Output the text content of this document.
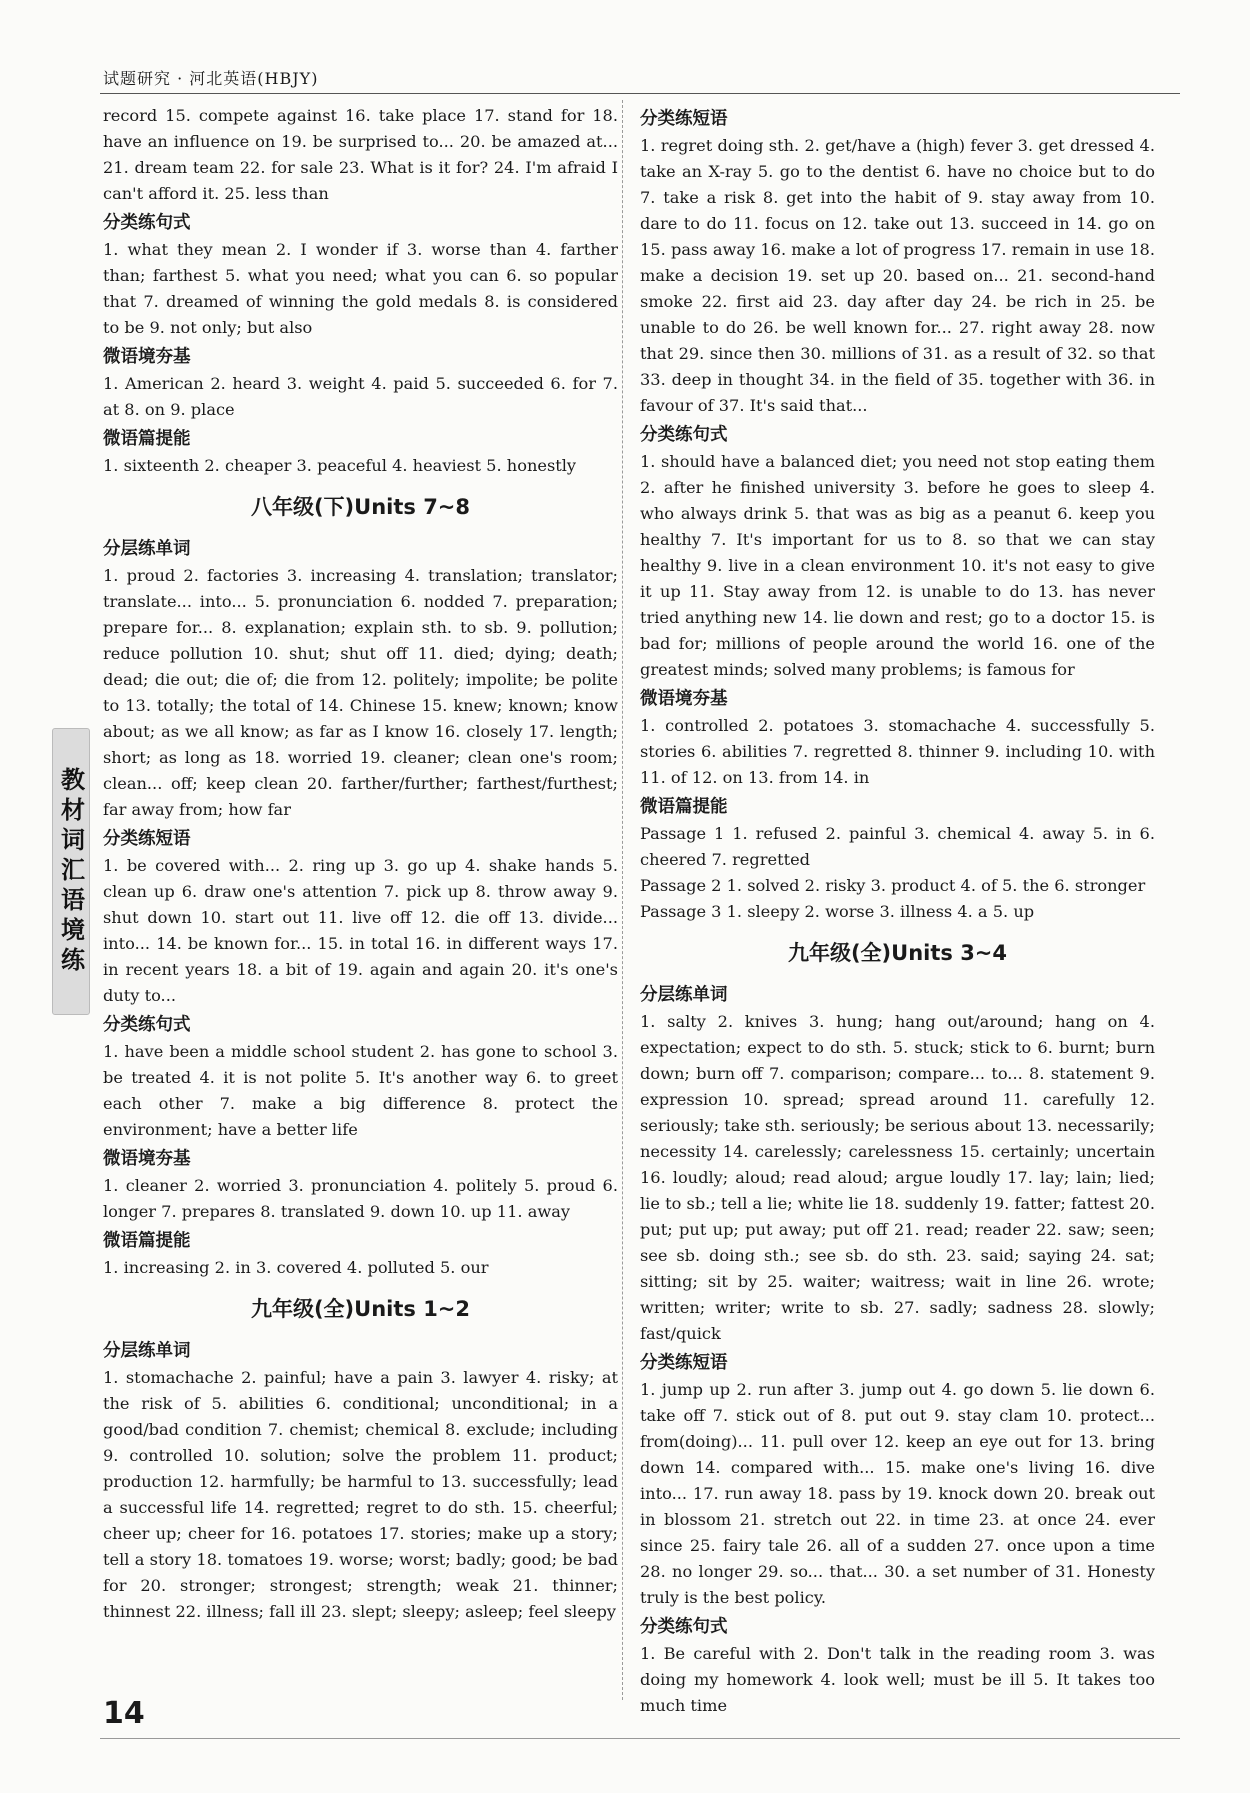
试题研究 · 河北英语(HBJY)
record 15. compete against 16. take place 17. stand for 18. have an influence on 19. be surprised to... 20. be amazed at... 21. dream team 22. for sale 23. What is it for? 24. I'm afraid I can't afford it. 25. less than
分类练句式
1. what they mean 2. I wonder if 3. worse than 4. farther than; farthest 5. what you need; what you can 6. so popular that 7. dreamed of winning the gold medals 8. is considered to be 9. not only; but also
微语境夯基
1. American 2. heard 3. weight 4. paid 5. succeeded 6. for 7. at 8. on 9. place
微语篇提能
1. sixteenth 2. cheaper 3. peaceful 4. heaviest 5. honestly
八年级(下)Units 7~8
分层练单词
1. proud 2. factories 3. increasing 4. translation; translator; translate... into... 5. pronunciation 6. nodded 7. preparation; prepare for... 8. explanation; explain sth. to sb. 9. pollution; reduce pollution 10. shut; shut off 11. died; dying; death; dead; die out; die of; die from 12. politely; impolite; be polite to 13. totally; the total of 14. Chinese 15. knew; known; know about; as we all know; as far as I know 16. closely 17. length; short; as long as 18. worried 19. cleaner; clean one's room; clean... off; keep clean 20. farther/further; farthest/furthest; far away from; how far
分类练短语
1. be covered with... 2. ring up 3. go up 4. shake hands 5. clean up 6. draw one's attention 7. pick up 8. throw away 9. shut down 10. start out 11. live off 12. die off 13. divide... into... 14. be known for... 15. in total 16. in different ways 17. in recent years 18. a bit of 19. again and again 20. it's one's duty to...
分类练句式
1. have been a middle school student 2. has gone to school 3. be treated 4. it is not polite 5. It's another way 6. to greet each other 7. make a big difference 8. protect the environment; have a better life
微语境夯基
1. cleaner 2. worried 3. pronunciation 4. politely 5. proud 6. longer 7. prepares 8. translated 9. down 10. up 11. away
微语篇提能
1. increasing 2. in 3. covered 4. polluted 5. our
九年级(全)Units 1~2
分层练单词
1. stomachache 2. painful; have a pain 3. lawyer 4. risky; at the risk of 5. abilities 6. conditional; unconditional; in a good/bad condition 7. chemist; chemical 8. exclude; including 9. controlled 10. solution; solve the problem 11. product; production 12. harmfully; be harmful to 13. successfully; lead a successful life 14. regretted; regret to do sth. 15. cheerful; cheer up; cheer for 16. potatoes 17. stories; make up a story; tell a story 18. tomatoes 19. worse; worst; badly; good; be bad for 20. stronger; strongest; strength; weak 21. thinner; thinnest 22. illness; fall ill 23. slept; sleepy; asleep; feel sleepy
分类练短语
1. regret doing sth. 2. get/have a (high) fever 3. get dressed 4. take an X-ray 5. go to the dentist 6. have no choice but to do 7. take a risk 8. get into the habit of 9. stay away from 10. dare to do 11. focus on 12. take out 13. succeed in 14. go on 15. pass away 16. make a lot of progress 17. remain in use 18. make a decision 19. set up 20. based on... 21. second-hand smoke 22. first aid 23. day after day 24. be rich in 25. be unable to do 26. be well known for... 27. right away 28. now that 29. since then 30. millions of 31. as a result of 32. so that 33. deep in thought 34. in the field of 35. together with 36. in favour of 37. It's said that...
分类练句式
1. should have a balanced diet; you need not stop eating them 2. after he finished university 3. before he goes to sleep 4. who always drink 5. that was as big as a peanut 6. keep you healthy 7. It's important for us to 8. so that we can stay healthy 9. live in a clean environment 10. it's not easy to give it up 11. Stay away from 12. is unable to do 13. has never tried anything new 14. lie down and rest; go to a doctor 15. is bad for; millions of people around the world 16. one of the greatest minds; solved many problems; is famous for
微语境夯基
1. controlled 2. potatoes 3. stomachache 4. successfully 5. stories 6. abilities 7. regretted 8. thinner 9. including 10. with 11. of 12. on 13. from 14. in
微语篇提能
Passage 1 1. refused 2. painful 3. chemical 4. away 5. in 6. cheered 7. regretted
Passage 2 1. solved 2. risky 3. product 4. of 5. the 6. stronger
Passage 3 1. sleepy 2. worse 3. illness 4. a 5. up
九年级(全)Units 3~4
分层练单词
1. salty 2. knives 3. hung; hang out/around; hang on 4. expectation; expect to do sth. 5. stuck; stick to 6. burnt; burn down; burn off 7. comparison; compare... to... 8. statement 9. expression 10. spread; spread around 11. carefully 12. seriously; take sth. seriously; be serious about 13. necessarily; necessity 14. carelessly; carelessness 15. certainly; uncertain 16. loudly; aloud; read aloud; argue loudly 17. lay; lain; lied; lie to sb.; tell a lie; white lie 18. suddenly 19. fatter; fattest 20. put; put up; put away; put off 21. read; reader 22. saw; seen; see sb. doing sth.; see sb. do sth. 23. said; saying 24. sat; sitting; sit by 25. waiter; waitress; wait in line 26. wrote; written; writer; write to sb. 27. sadly; sadness 28. slowly; fast/quick
分类练短语
1. jump up 2. run after 3. jump out 4. go down 5. lie down 6. take off 7. stick out of 8. put out 9. stay clam 10. protect... from(doing)... 11. pull over 12. keep an eye out for 13. bring down 14. compared with... 15. make one's living 16. dive into... 17. run away 18. pass by 19. knock down 20. break out in blossom 21. stretch out 22. in time 23. at once 24. ever since 25. fairy tale 26. all of a sudden 27. once upon a time 28. no longer 29. so... that... 30. a set number of 31. Honesty truly is the best policy.
分类练句式
1. Be careful with 2. Don't talk in the reading room 3. was doing my homework 4. look well; must be ill 5. It takes too much time
教材词汇语境练
14
